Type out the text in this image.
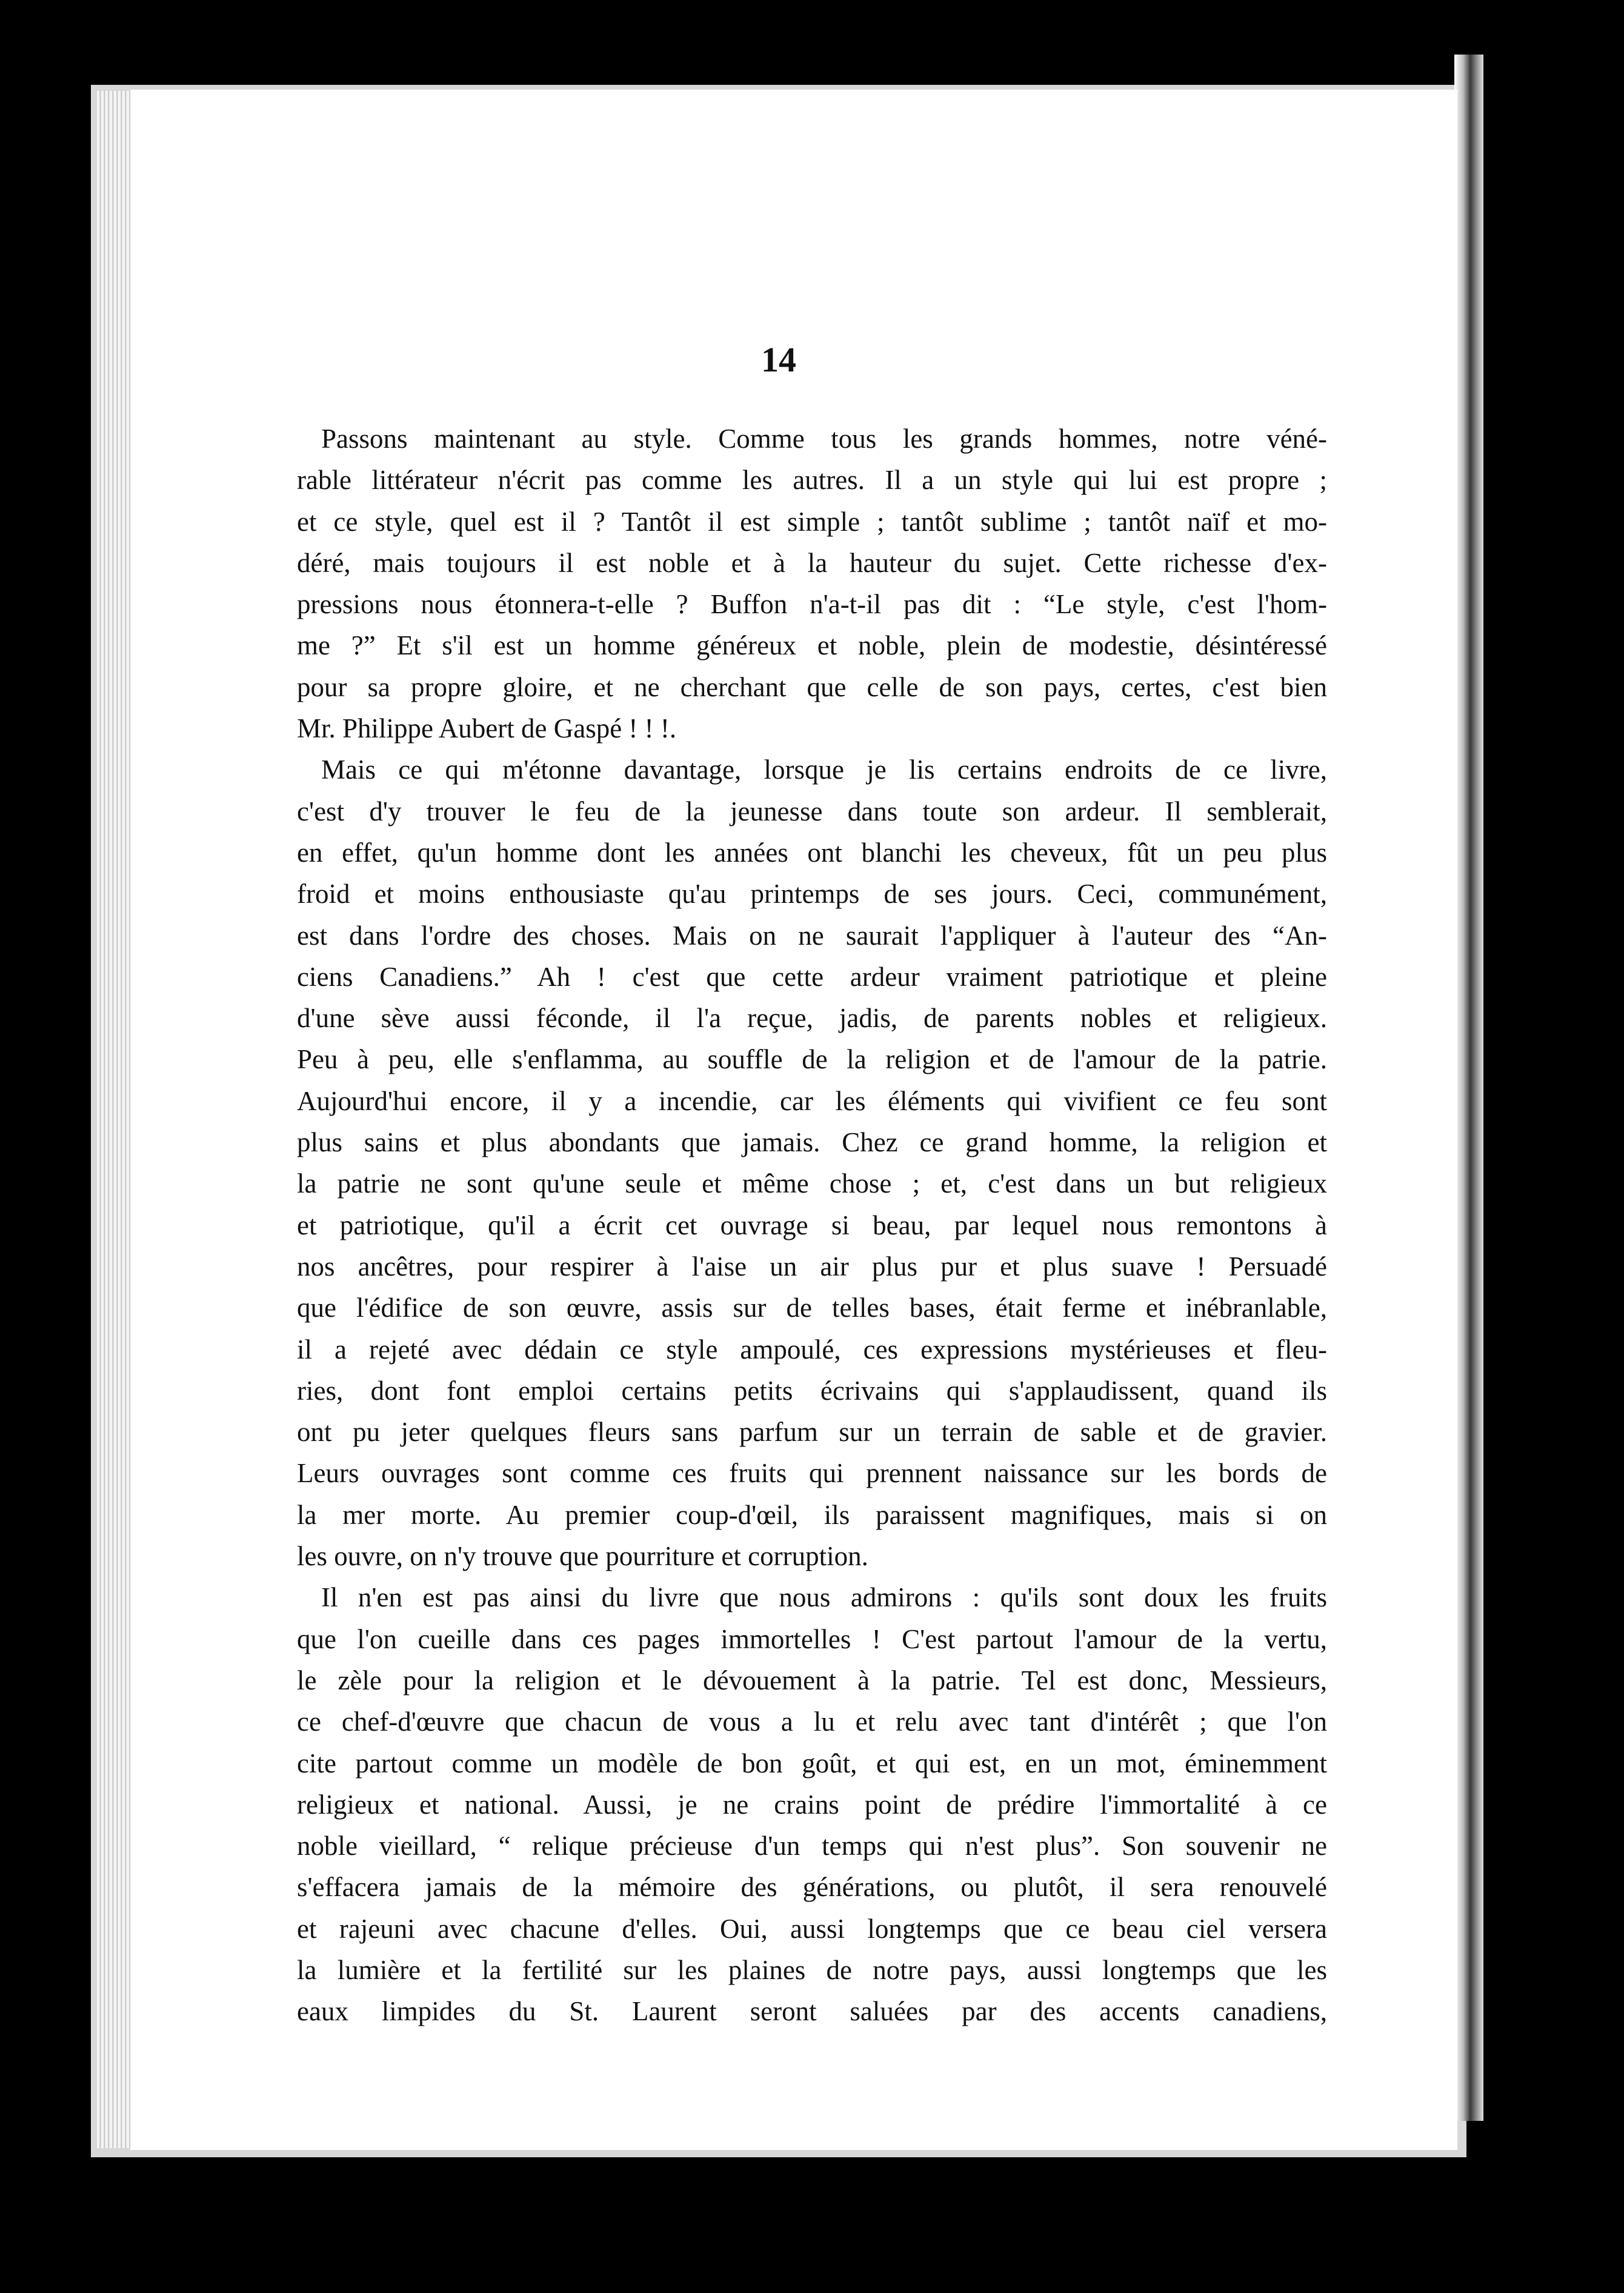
14
Passons maintenant au style. Comme tous les grands hommes, notre véné-
rable littérateur n'écrit pas comme les autres. Il a un style qui lui est propre ;
et ce style, quel est il ? Tantôt il est simple ; tantôt sublime ; tantôt naïf et mo-
déré, mais toujours il est noble et à la hauteur du sujet. Cette richesse d'ex-
pressions nous étonnera-t-elle ? Buffon n'a-t-il pas dit : “Le style, c'est l'hom-
me ?” Et s'il est un homme généreux et noble, plein de modestie, désintéressé
pour sa propre gloire, et ne cherchant que celle de son pays, certes, c'est bien
Mr. Philippe Aubert de Gaspé ! ! !.
Mais ce qui m'étonne davantage, lorsque je lis certains endroits de ce livre,
c'est d'y trouver le feu de la jeunesse dans toute son ardeur. Il semblerait,
en effet, qu'un homme dont les années ont blanchi les cheveux, fût un peu plus
froid et moins enthousiaste qu'au printemps de ses jours. Ceci, communément,
est dans l'ordre des choses. Mais on ne saurait l'appliquer à l'auteur des “An-
ciens Canadiens.” Ah ! c'est que cette ardeur vraiment patriotique et pleine
d'une sève aussi féconde, il l'a reçue, jadis, de parents nobles et religieux.
Peu à peu, elle s'enflamma, au souffle de la religion et de l'amour de la patrie.
Aujourd'hui encore, il y a incendie, car les éléments qui vivifient ce feu sont
plus sains et plus abondants que jamais. Chez ce grand homme, la religion et
la patrie ne sont qu'une seule et même chose ; et, c'est dans un but religieux
et patriotique, qu'il a écrit cet ouvrage si beau, par lequel nous remontons à
nos ancêtres, pour respirer à l'aise un air plus pur et plus suave ! Persuadé
que l'édifice de son œuvre, assis sur de telles bases, était ferme et inébranlable,
il a rejeté avec dédain ce style ampoulé, ces expressions mystérieuses et fleu-
ries, dont font emploi certains petits écrivains qui s'applaudissent, quand ils
ont pu jeter quelques fleurs sans parfum sur un terrain de sable et de gravier.
Leurs ouvrages sont comme ces fruits qui prennent naissance sur les bords de
la mer morte. Au premier coup-d'œil, ils paraissent magnifiques, mais si on
les ouvre, on n'y trouve que pourriture et corruption.
Il n'en est pas ainsi du livre que nous admirons : qu'ils sont doux les fruits
que l'on cueille dans ces pages immortelles ! C'est partout l'amour de la vertu,
le zèle pour la religion et le dévouement à la patrie. Tel est donc, Messieurs,
ce chef-d'œuvre que chacun de vous a lu et relu avec tant d'intérêt ; que l'on
cite partout comme un modèle de bon goût, et qui est, en un mot, éminemment
religieux et national. Aussi, je ne crains point de prédire l'immortalité à ce
noble vieillard, “ relique précieuse d'un temps qui n'est plus”. Son souvenir ne
s'effacera jamais de la mémoire des générations, ou plutôt, il sera renouvelé
et rajeuni avec chacune d'elles. Oui, aussi longtemps que ce beau ciel versera
la lumière et la fertilité sur les plaines de notre pays, aussi longtemps que les
eaux limpides du St. Laurent seront saluées par des accents canadiens,
